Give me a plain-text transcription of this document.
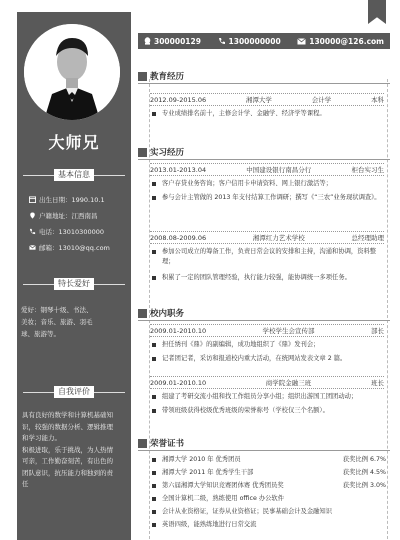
大师兄
基本信息
出生日期：1990.10.1
户籍地址：江西南昌
电话：13010300000
邮箱：13010@qq.com
特长爱好
爱好：钢琴十级、书法、
美妆；音乐、旅游、羽毛
球、旅游等。
自我评价
具有良好的数学和计算机基础知识，较强的数据分析、逻辑推理和学习能力。
积极进取，乐于挑战，为人热情可亲，工作勤奋刻苦，有出色的团队意识，抗压能力和独到的责任
300000129	1300000000	130000@126.com
教育经历
2012.09-2015.06	湘潭大学	会计学	本科
专业成绩排名前十，主修会计学、金融学、经济学等课程。
实习经历
2013.01-2013.04	中国建设银行南昌分行	柜台实习生
客户存贷业务咨询；客户信用卡申请资料、网上银行激活等；
参与会计主管做的 2013 年支付结算工作调研；撰写《“三农”业务现状调查》。
2008.08-2009.06	湘潭红力艺术学校	总经理助理
参加公司成立的筹备工作，负责日常会议的安排和主持，沟通和协调，资料整理；
积累了一定的团队管理经验，执行能力较强，能协调统一多项任务。
校内职务
2009.01-2010.10	学校学生会宣传部	部长
担任绣刊《鼎》的副编辑，成功地组织了《鼎》发刊会；
记者团记者，采访和报道校内重大活动，在统网站发表文章 2 篇。
2009.01-2010.10	商学院金融三班	班长
组建了考研交流小组和找工作组员分享小组；组织出游国工团团动动；
带领班级获得校级优秀班级的荣誉称号（学校仅三个名额）。
荣誉证书
湘潭大学 2010 年 优秀团员	获奖比例 6.7%
湘潭大学 2011 年 优秀学生干部	获奖比例 4.5%
第六届湘潭大学知识竞赛团体赛 优秀团员奖	获奖比例 3.0%
全国计算机二级，熟练使用 office 办公软件
会计从业资格证，证券从业资格证；民事基础会计及金融知识
英语四级，能熟练地进行日常交流
